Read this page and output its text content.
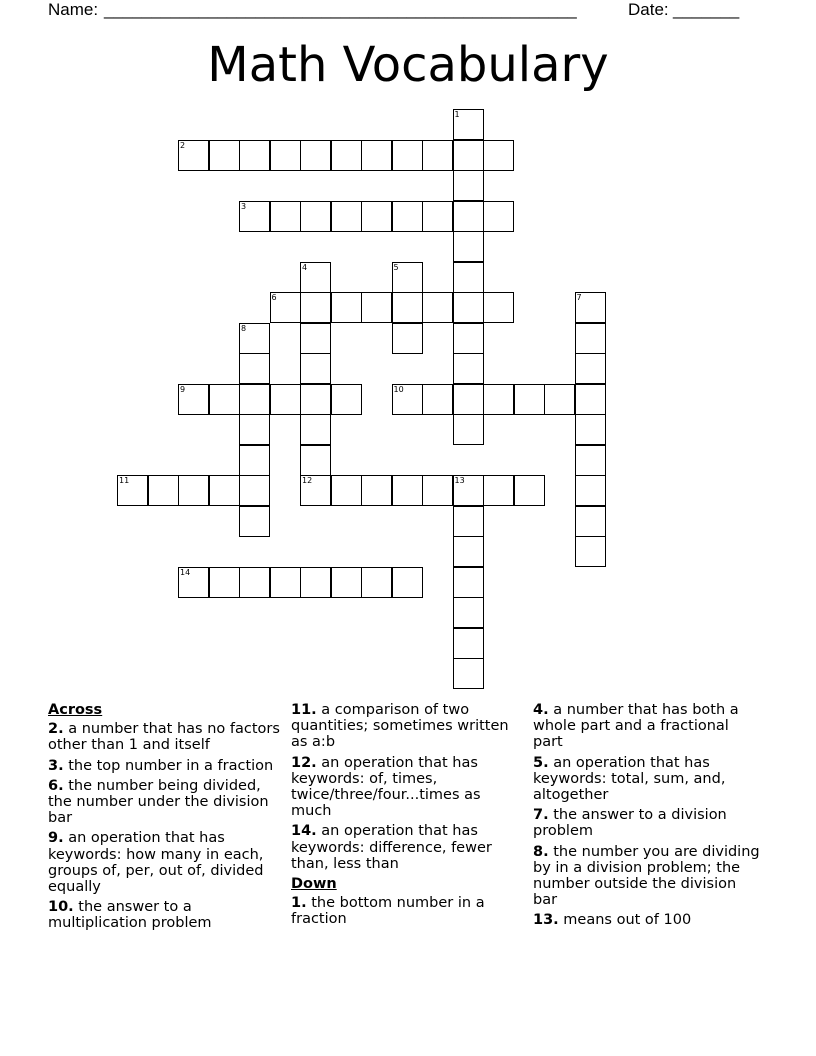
Name: __________________________________________________	Date: _______
Math Vocabulary
1
2
3
4
12
5
6	7
8
9	10
11	13
14
Across
2. a number that has no factors other than 1 and itself
3. the top number in a fraction
6. the number being divided, the number under the division bar
9. an operation that has keywords: how many in each, groups of, per, out of, divided equally
10. the answer to a multiplication problem
11. a comparison of two quantities; sometimes written as a:b
12. an operation that has keywords: of, times, twice/three/four...times as much
14. an operation that has keywords: difference, fewer than, less than
Down
1. the bottom number in a fraction
4. a number that has both a whole part and a fractional part
5. an operation that has keywords: total, sum, and, altogether
7. the answer to a division problem
8. the number you are dividing by in a division problem; the number outside the division bar
13. means out of 100
